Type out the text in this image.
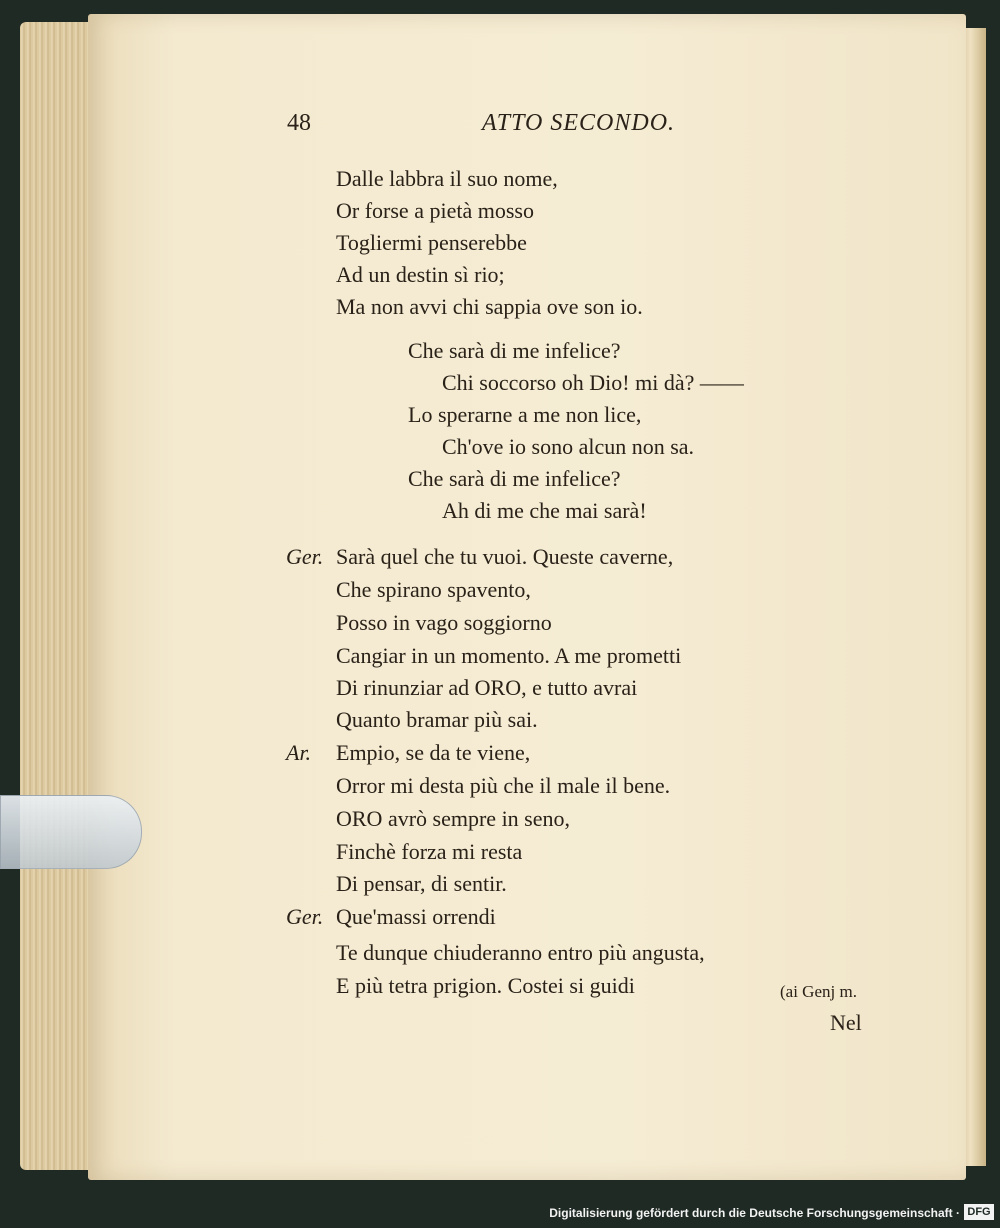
48	ATTO SECONDO.
Dalle labbra il suo nome,
Or forse a pietà mosso
Togliermi penserebbe
Ad un destin sì rio;
Ma non avvi chi sappia ove son io.
Che sarà di me infelice?
Chi soccorso oh Dio! mi dà? ——
Lo sperarne a me non lice,
Ch'ove io sono alcun non sa.
Che sarà di me infelice?
Ah di me che mai sarà!
Ger.
Ar.
Ger.
Sarà quel che tu vuoi. Queste caverne,
Che spirano spavento,
Posso in vago soggiorno
Cangiar in un momento. A me prometti
Di rinunziar ad ORO, e tutto avrai
Quanto bramar più sai.
Empio, se da te viene,
Orror mi desta più che il male il bene.
ORO avrò sempre in seno,
Finchè forza mi resta
Di pensar, di sentir.
Que'massi orrendi
Te dunque chiuderanno entro più angusta,
E più tetra prigion. Costei si guidi	(ai Genj m.
Nel
Digitalisierung gefördert durch die Deutsche Forschungsgemeinschaft · DFG
